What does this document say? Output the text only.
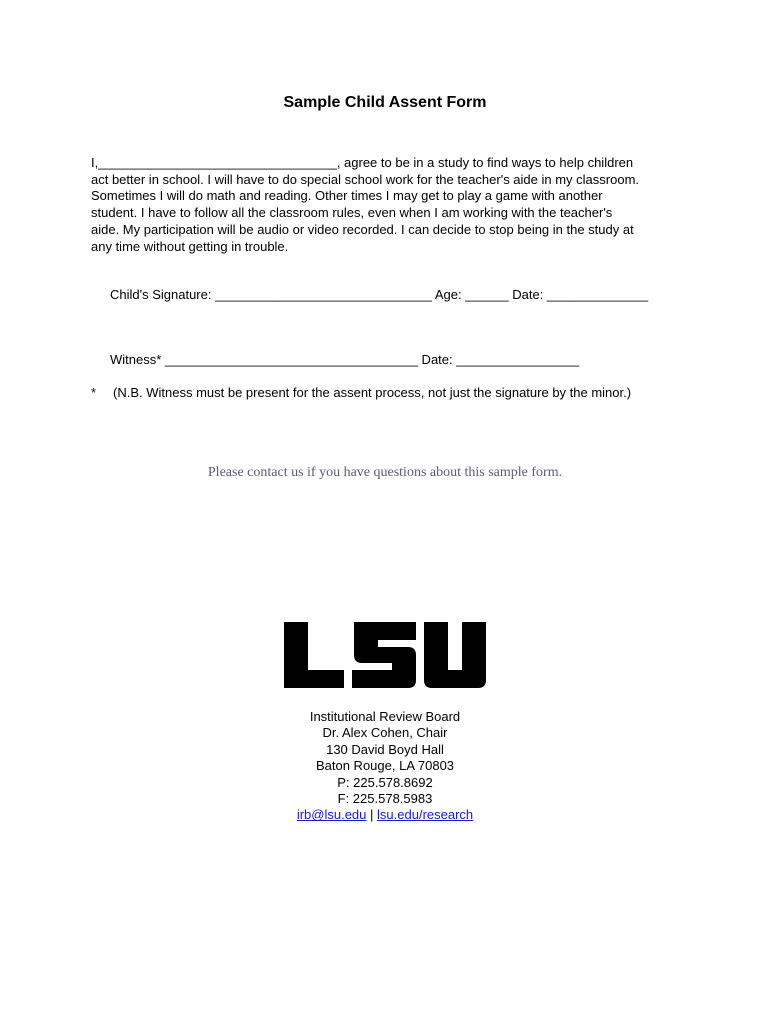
Sample Child Assent Form
I,_________________________________, agree to be in a study to find ways to help children
act better in school. I will have to do special school work for the teacher's aide in my classroom.
Sometimes I will do math and reading. Other times I may get to play a game with another
student. I have to follow all the classroom rules, even when I am working with the teacher's
aide. My participation will be audio or video recorded. I can decide to stop being in the study at
any time without getting in trouble.
Child's Signature: ______________________________ Age: ______ Date: ______________
Witness* ___________________________________ Date: _________________
* (N.B. Witness must be present for the assent process, not just the signature by the minor.)
Please contact us if you have questions about this sample form.
Institutional Review Board
Dr. Alex Cohen, Chair
130 David Boyd Hall
Baton Rouge, LA 70803
P: 225.578.8692
F: 225.578.5983
irb@lsu.edu | lsu.edu/research
